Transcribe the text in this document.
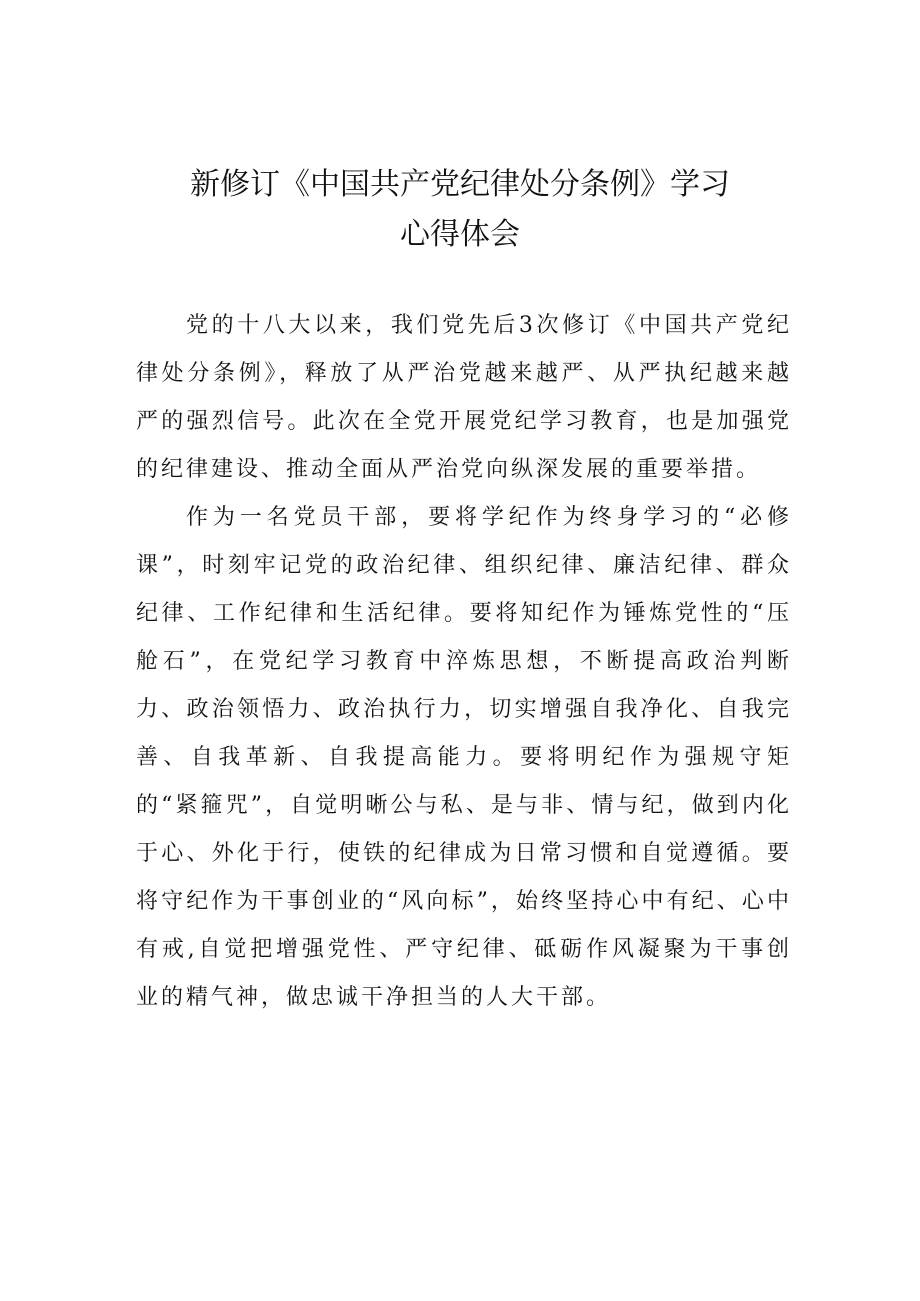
新修订《中国共产党纪律处分条例》学习
心得体会

党的十八大以来，我们党先后3次修订《中国共产党纪律处分条例》，释放了从严治党越来越严、从严执纪越来越严的强烈信号。此次在全党开展党纪学习教育，也是加强党的纪律建设、推动全面从严治党向纵深发展的重要举措。

作为一名党员干部，要将学纪作为终身学习的“必修课”，时刻牢记党的政治纪律、组织纪律、廉洁纪律、群众纪律、工作纪律和生活纪律。要将知纪作为锤炼党性的“压舱石”，在党纪学习教育中淬炼思想，不断提高政治判断力、政治领悟力、政治执行力，切实增强自我净化、自我完善、自我革新、自我提高能力。要将明纪作为强规守矩的“紧箍咒”，自觉明晰公与私、是与非、情与纪，做到内化于心、外化于行，使铁的纪律成为日常习惯和自觉遵循。要将守纪作为干事创业的“风向标”，始终坚持心中有纪、心中有戒,自觉把增强党性、严守纪律、砥砺作风凝聚为干事创业的精气神，做忠诚干净担当的人大干部。
